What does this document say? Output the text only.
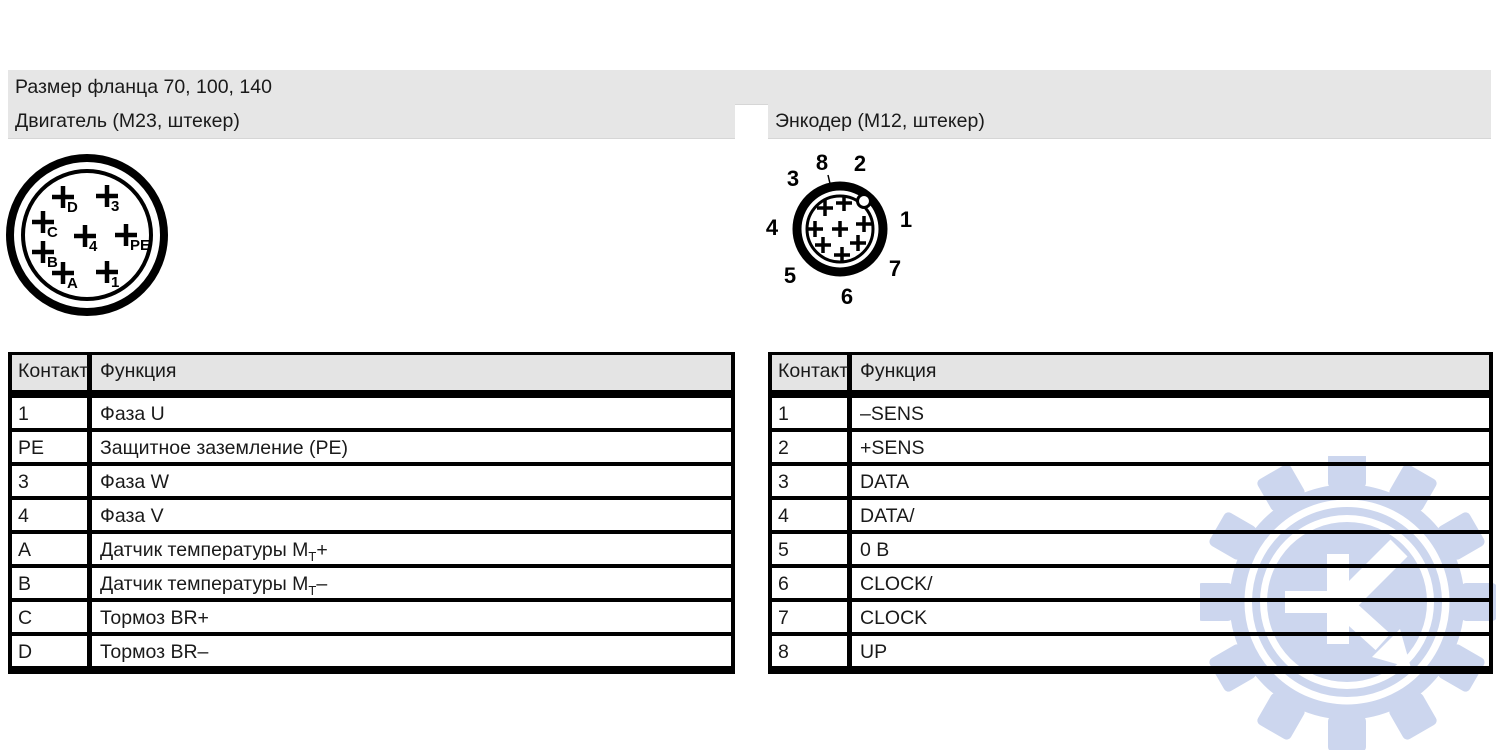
Размер фланца 70, 100, 140
Двигатель (M23, штекер)	Энкодер (M12, штекер)
D 3
C
4 PE
B
A 1
8 2
3
1
4
7
5
6
Контакт Функция
1	Фаза U
PE	Защитное заземление (PE)
3	Фаза W
4	Фаза V
A	Датчик температуры $M_T+$
B	Датчик температуры $M_T-$
C	Тормоз BR+
D	Тормоз BR–
Контакт Функция
1	–SENS
2	+SENS
3	DATA
4	DATA/
5	0 В
6	CLOCK/
7	CLOCK
8	UP
